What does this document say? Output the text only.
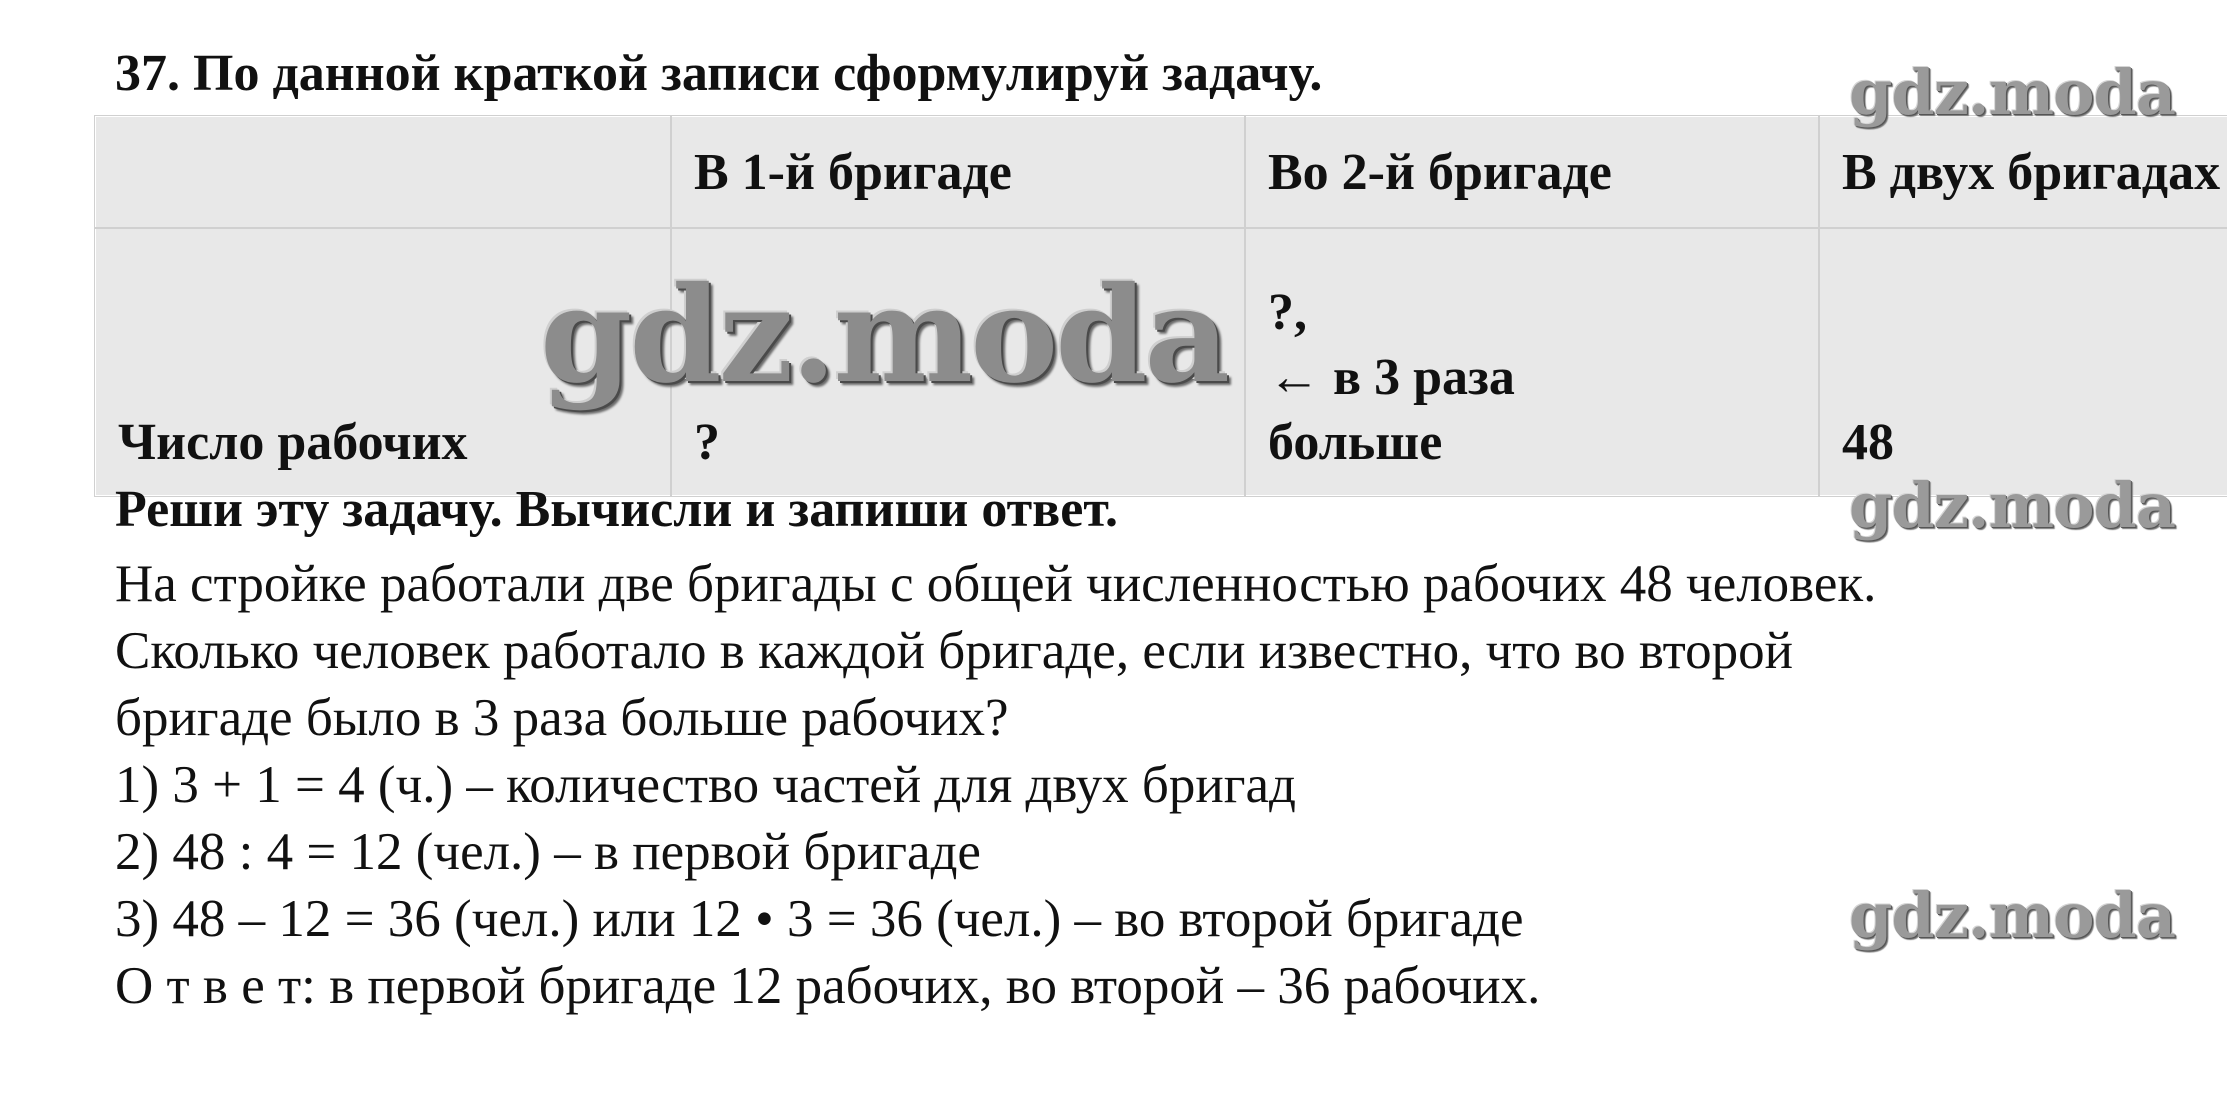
37. По данной краткой записи сформулируй задачу.
	В 1-й бригаде	Во 2-й бригаде	В двух бригадах
Число рабочих	?	?,
← в 3 раза
больше	48
Реши эту задачу. Вычисли и запиши ответ.
На стройке работали две бригады с общей численностью рабочих 48 человек.
Сколько человек работало в каждой бригаде, если известно, что во второй
бригаде было в 3 раза больше рабочих?
1) 3 + 1 = 4 (ч.) – количество частей для двух бригад
2) 48 : 4 = 12 (чел.) – в первой бригаде
3) 48 – 12 = 36 (чел.) или 12 • 3 = 36 (чел.) – во второй бригаде
О т в е т: в первой бригаде 12 рабочих, во второй – 36 рабочих.
gdz.moda
gdz.moda
gdz.moda
gdz.moda
